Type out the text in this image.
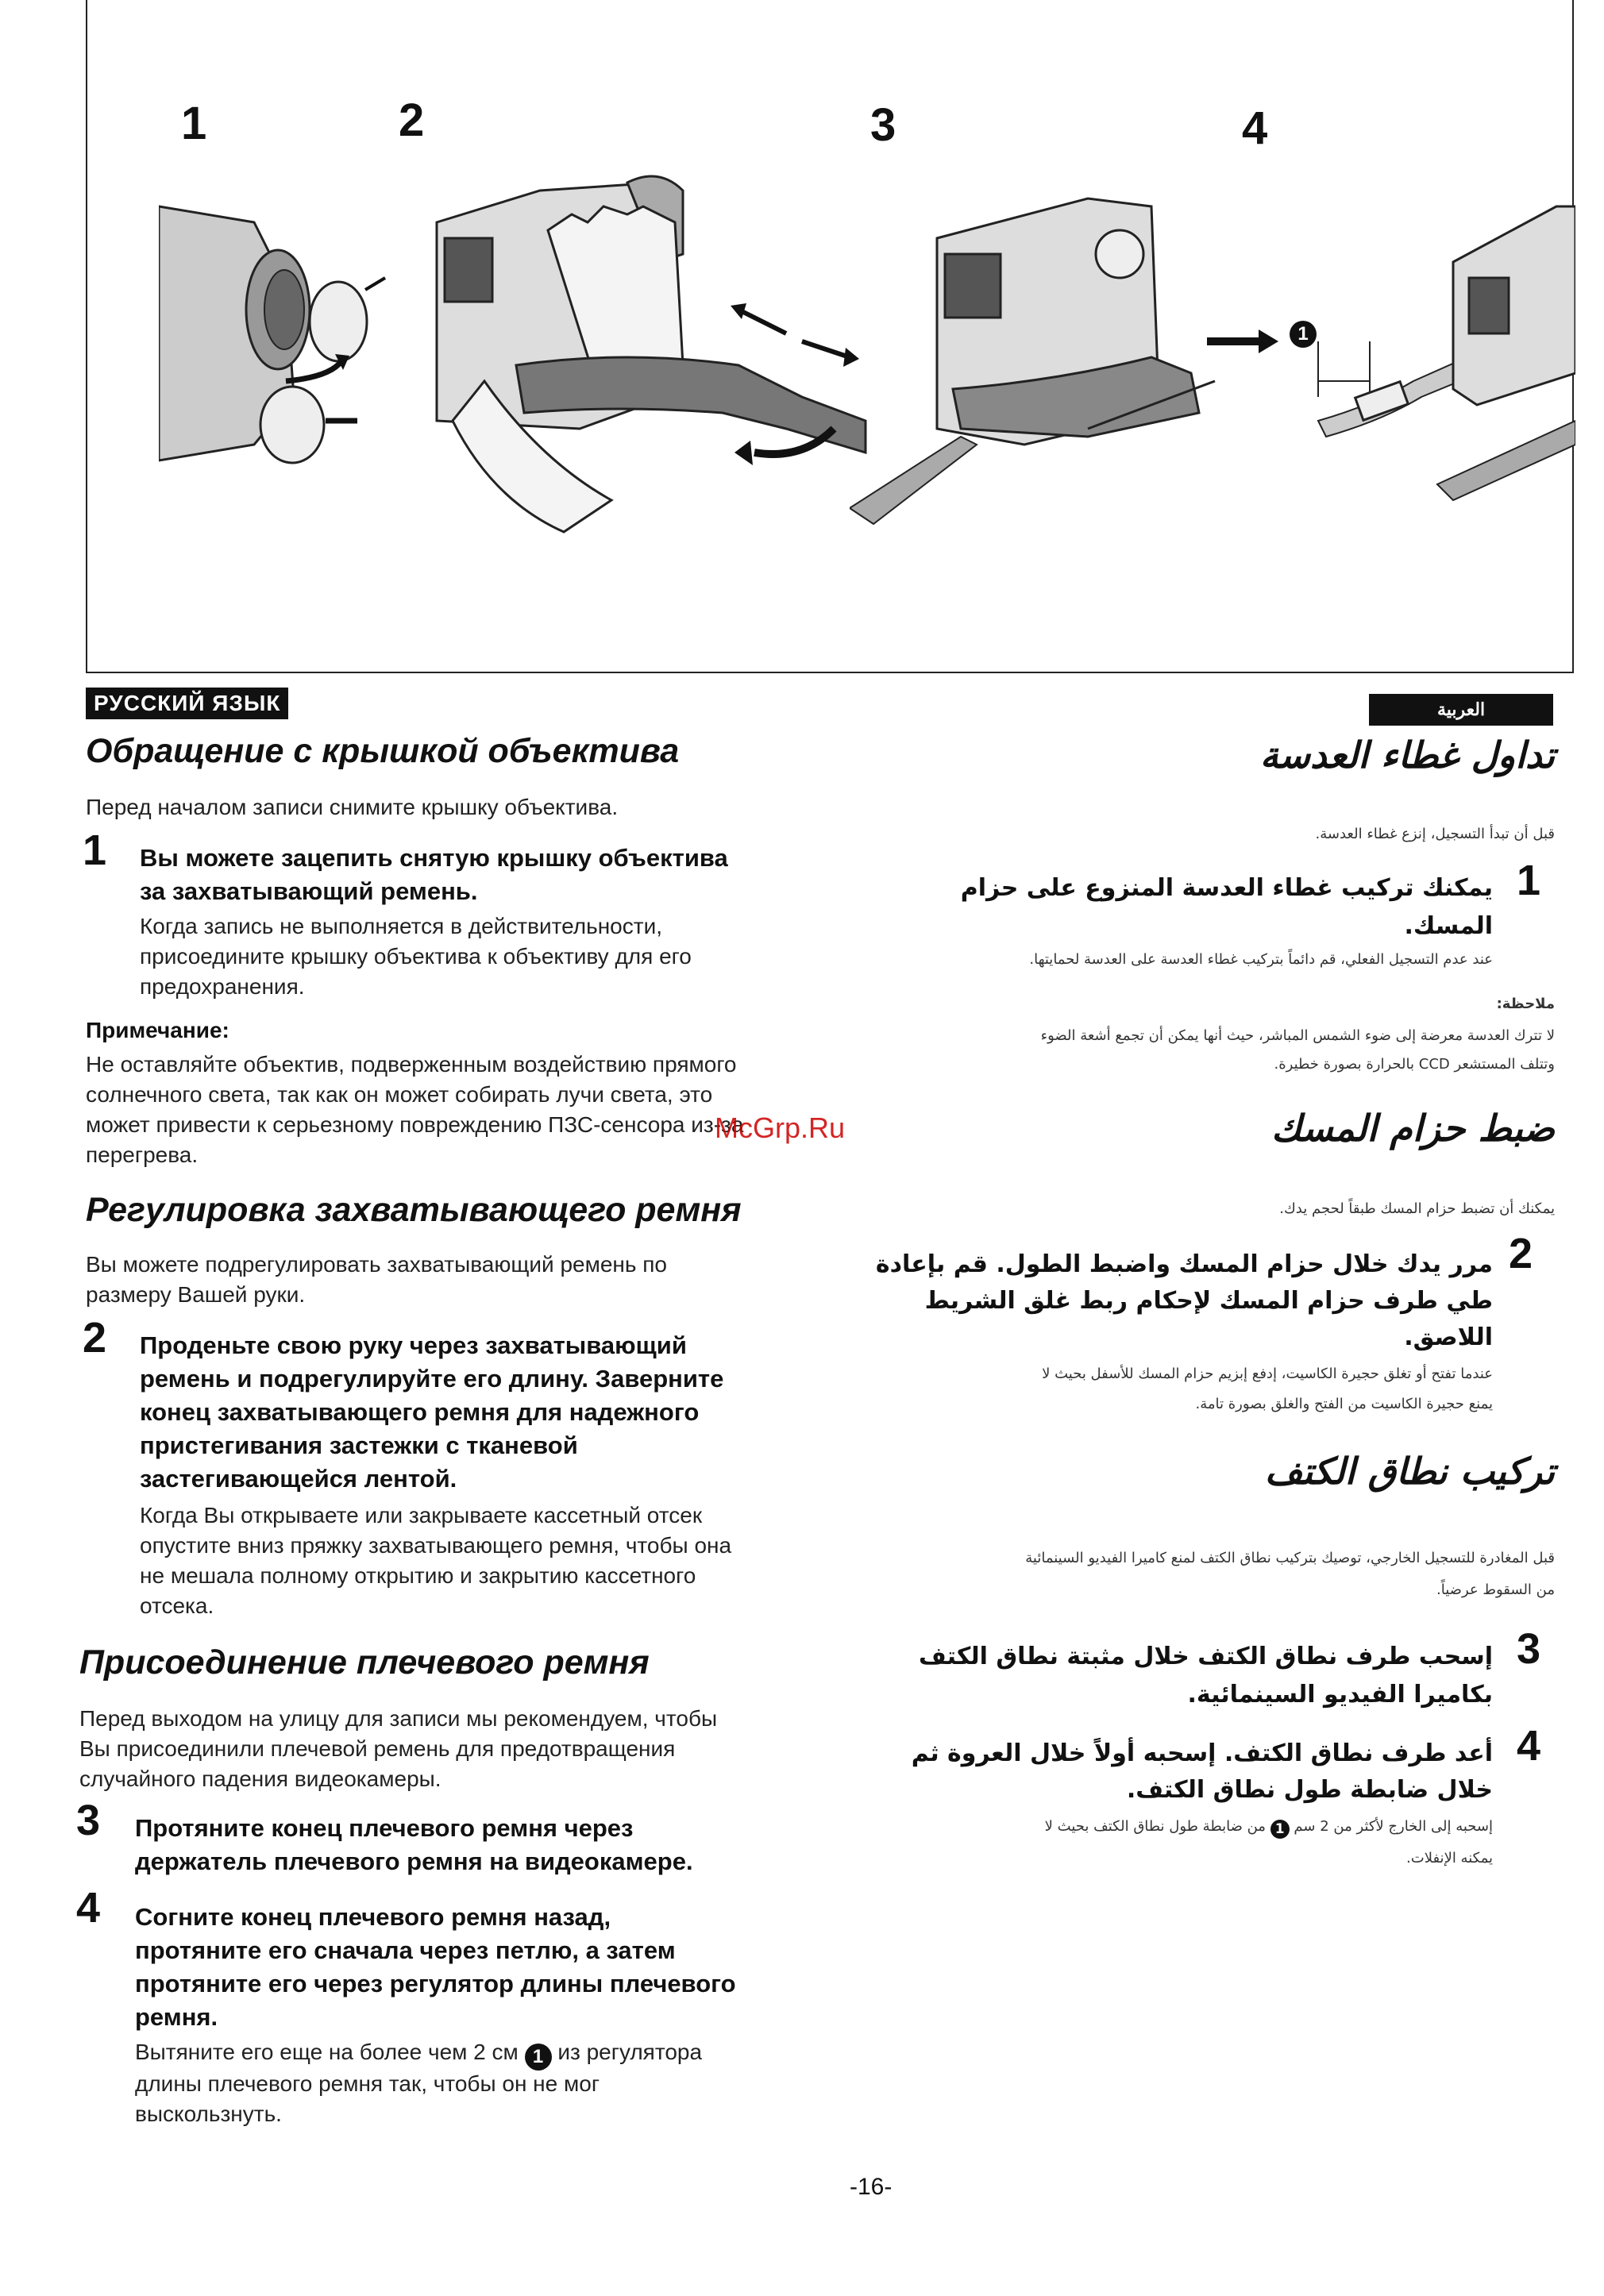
1	2	3	4
1
РУССКИЙ ЯЗЫК
Обращение с крышкой объектива
Перед началом записи снимите крышку объектива.
1 Вы можете зацепить снятую крышку объектива
за захватывающий ремень.
Когда запись не выполняется в действительности,
присоедините крышку объектива к объективу для его
предохранения.
Примечание:
Не оставляйте объектив, подверженным воздействию прямого
солнечного света, так как он может собирать лучи света, это
может привести к серьезному повреждению ПЗС-сенсора из-за
перегрева.
Регулировка захватывающего ремня
Вы можете подрегулировать захватывающий ремень по
размеру Вашей руки.
2 Проденьте свою руку через захватывающий
ремень и подрегулируйте его длину. Заверните
конец захватывающего ремня для надежного
пристегивания застежки с тканевой
застегивающейся лентой.
Когда Вы открываете или закрываете кассетный отсек
опустите вниз пряжку захватывающего ремня, чтобы она
не мешала полному открытию и закрытию кассетного
отсека.
Присоединение плечевого ремня
Перед выходом на улицу для записи мы рекомендуем, чтобы
Вы присоединили плечевой ремень для предотвращения
случайного падения видеокамеры.
3 Протяните конец плечевого ремня через
держатель плечевого ремня на видеокамере.
4 Согните конец плечевого ремня назад,
протяните его сначала через петлю, а затем
протяните его через регулятор длины плечевого
ремня.
Вытяните его еще на более чем 2 см 1 из регулятора
длины плечевого ремня так, чтобы он не мог
выскользнуть.
العربية
تداول غطاء العدسة
قبل أن تبدأ التسجيل، إنزع غطاء العدسة.
1
يمكنك تركيب غطاء العدسة المنزوع على حزام
المسك.
عند عدم التسجيل الفعلي، قم دائماً بتركيب غطاء العدسة على العدسة لحمايتها.
ملاحظة:
لا تترك العدسة معرضة إلى ضوء الشمس المباشر، حيث أنها يمكن أن تجمع أشعة الضوء
وتتلف المستشعر CCD بالحرارة بصورة خطيرة.
ضبط حزام المسك
يمكنك أن تضبط حزام المسك طبقاً لحجم يدك.
2
مرر يدك خلال حزام المسك واضبط الطول. قم بإعادة
طي طرف حزام المسك لإحكام ربط غلق الشريط
اللاصق.
عندما تفتح أو تغلق حجيرة الكاسيت، إدفع إبزيم حزام المسك للأسفل بحيث لا
يمنع حجيرة الكاسيت من الفتح والغلق بصورة تامة.
تركيب نطاق الكتف
قبل المغادرة للتسجيل الخارجي، توصيك بتركيب نطاق الكتف لمنع كاميرا الفيديو السينمائية
من السقوط عرضياً.
3
إسحب طرف نطاق الكتف خلال مثبتة نطاق الكتف
بكاميرا الفيديو السينمائية.
4
أعد طرف نطاق الكتف. إسحبه أولاً خلال العروة ثم
خلال ضابطة طول نطاق الكتف.
إسحبه إلى الخارج لأكثر من 2 سم 1 من ضابطة طول نطاق الكتف بحيث لا
يمكنه الإنفلات.
McGrp.Ru
-16-
